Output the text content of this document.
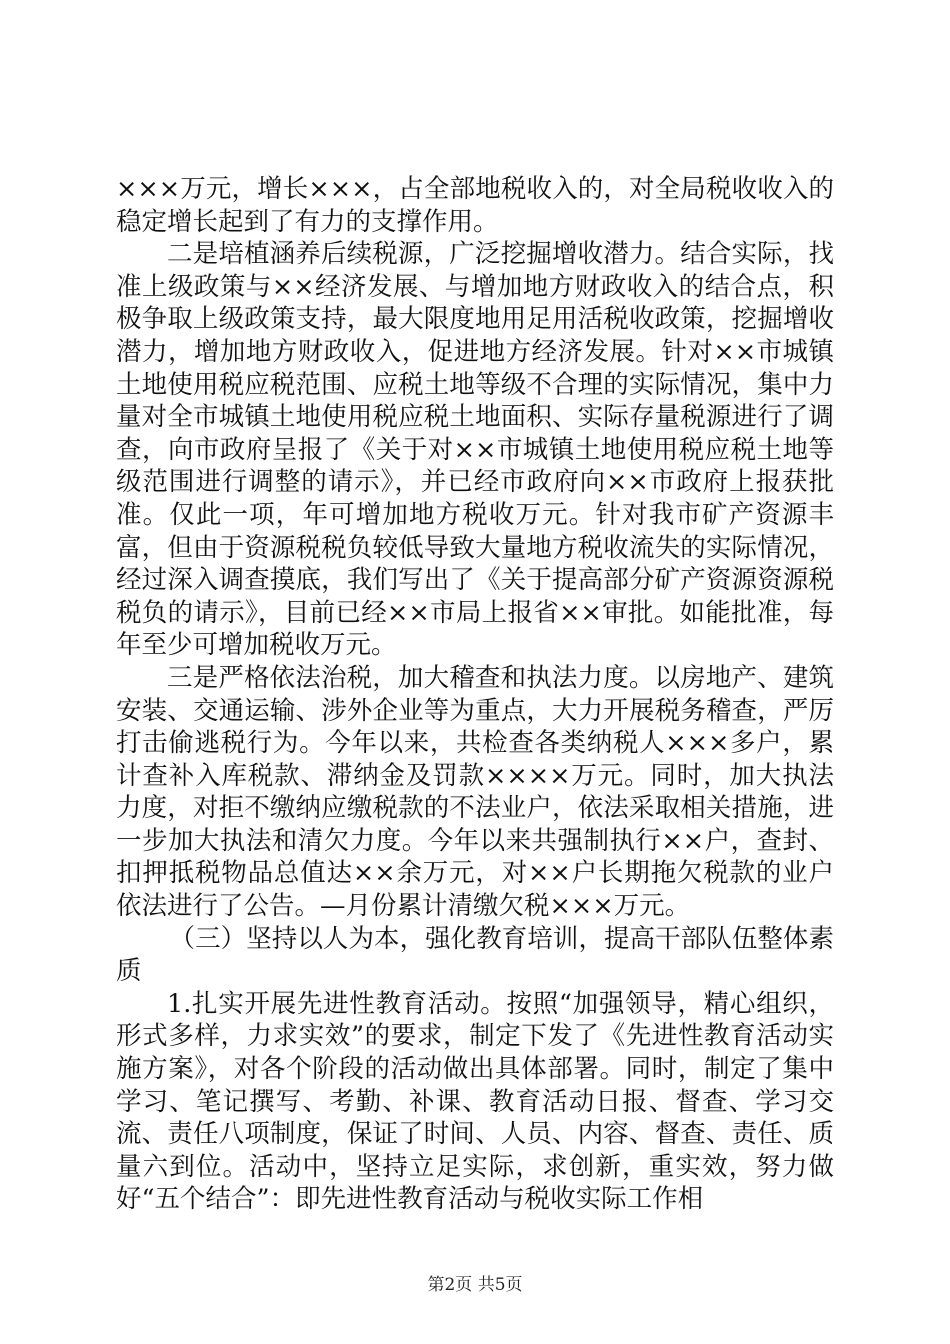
×××万元，增长×××，占全部地税收入的，对全局税收收入的稳定增长起到了有力的支撑作用。

二是培植涵养后续税源，广泛挖掘增收潜力。结合实际，找准上级政策与××经济发展、与增加地方财政收入的结合点，积极争取上级政策支持，最大限度地用足用活税收政策，挖掘增收潜力，增加地方财政收入，促进地方经济发展。针对××市城镇土地使用税应税范围、应税土地等级不合理的实际情况，集中力量对全市城镇土地使用税应税土地面积、实际存量税源进行了调查，向市政府呈报了《关于对××市城镇土地使用税应税土地等级范围进行调整的请示》，并已经市政府向××市政府上报获批准。仅此一项，年可增加地方税收万元。针对我市矿产资源丰富，但由于资源税税负较低导致大量地方税收流失的实际情况，经过深入调查摸底，我们写出了《关于提高部分矿产资源资源税税负的请示》，目前已经××市局上报省××审批。如能批准，每年至少可增加税收万元。

三是严格依法治税，加大稽查和执法力度。以房地产、建筑安装、交通运输、涉外企业等为重点，大力开展税务稽查，严厉打击偷逃税行为。今年以来，共检查各类纳税人×××多户，累计查补入库税款、滞纳金及罚款××××万元。同时，加大执法力度，对拒不缴纳应缴税款的不法业户，依法采取相关措施，进一步加大执法和清欠力度。今年以来共强制执行××户，查封、扣押抵税物品总值达××余万元，对××户长期拖欠税款的业户依法进行了公告。—月份累计清缴欠税×××万元。

（三）坚持以人为本，强化教育培训，提高干部队伍整体素质

1.扎实开展先进性教育活动。按照“加强领导，精心组织，形式多样，力求实效”的要求，制定下发了《先进性教育活动实施方案》，对各个阶段的活动做出具体部署。同时，制定了集中学习、笔记撰写、考勤、补课、教育活动日报、督查、学习交流、责任八项制度，保证了时间、人员、内容、督查、责任、质量六到位。活动中，坚持立足实际，求创新，重实效，努力做好“五个结合”：即先进性教育活动与税收实际工作相

第2页 共5页
